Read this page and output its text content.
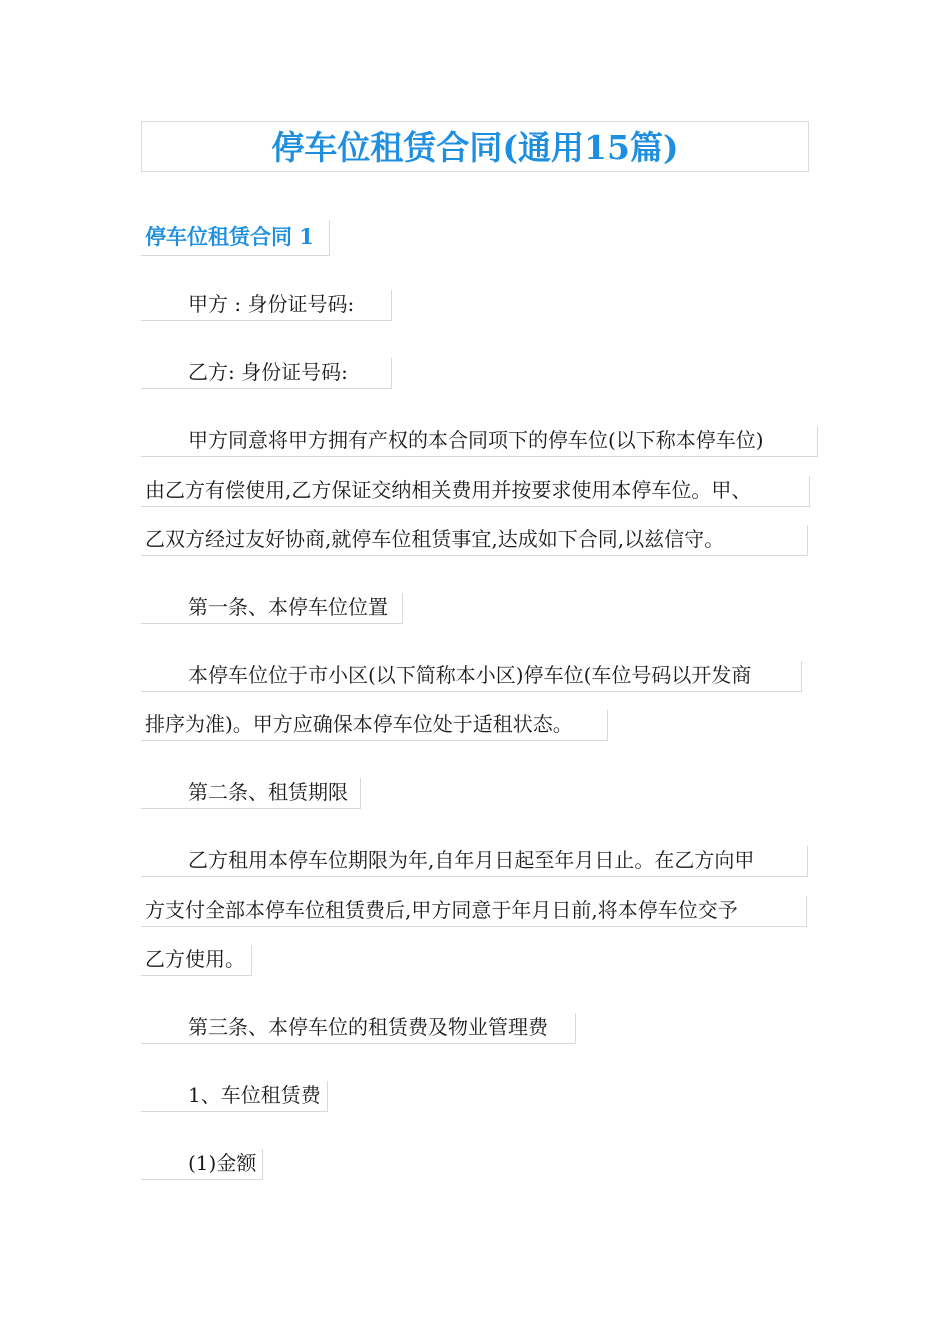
停车位租赁合同(通用15篇)
停车位租赁合同 1
甲方 : 身份证号码:
乙方: 身份证号码:
甲方同意将甲方拥有产权的本合同项下的停车位(以下称本停车位)
由乙方有偿使用,乙方保证交纳相关费用并按要求使用本停车位。甲、
乙双方经过友好协商,就停车位租赁事宜,达成如下合同,以兹信守。
第一条、本停车位位置
本停车位位于市小区(以下简称本小区)停车位(车位号码以开发商
排序为准)。甲方应确保本停车位处于适租状态。
第二条、租赁期限
乙方租用本停车位期限为年,自年月日起至年月日止。在乙方向甲
方支付全部本停车位租赁费后,甲方同意于年月日前,将本停车位交予
乙方使用。
第三条、本停车位的租赁费及物业管理费
1、车位租赁费
(1)金额
